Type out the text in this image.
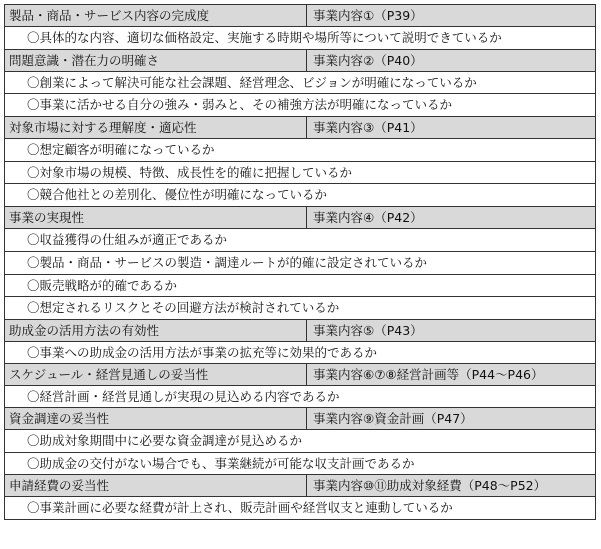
製品・商品・サービス内容の完成度	事業内容①（P39）
〇具体的な内容、適切な価格設定、実施する時期や場所等について説明できているか
問題意識・潜在力の明確さ	事業内容②（P40）
〇創業によって解決可能な社会課題、経営理念、ビジョンが明確になっているか
〇事業に活かせる自分の強み・弱みと、その補強方法が明確になっているか
対象市場に対する理解度・適応性	事業内容③（P41）
〇想定顧客が明確になっているか
〇対象市場の規模、特徴、成長性を的確に把握しているか
〇競合他社との差別化、優位性が明確になっているか
事業の実現性	事業内容④（P42）
〇収益獲得の仕組みが適正であるか
〇製品・商品・サービスの製造・調達ルートが的確に設定されているか
〇販売戦略が的確であるか
〇想定されるリスクとその回避方法が検討されているか
助成金の活用方法の有効性	事業内容⑤（P43）
〇事業への助成金の活用方法が事業の拡充等に効果的であるか
スケジュール・経営見通しの妥当性	事業内容⑥⑦⑧経営計画等（P44～P46）
〇経営計画・経営見通しが実現の見込める内容であるか
資金調達の妥当性	事業内容⑨資金計画（P47）
〇助成対象期間中に必要な資金調達が見込めるか
〇助成金の交付がない場合でも、事業継続が可能な収支計画であるか
申請経費の妥当性	事業内容⑩⑪助成対象経費（P48～P52）
〇事業計画に必要な経費が計上され、販売計画や経営収支と連動しているか
